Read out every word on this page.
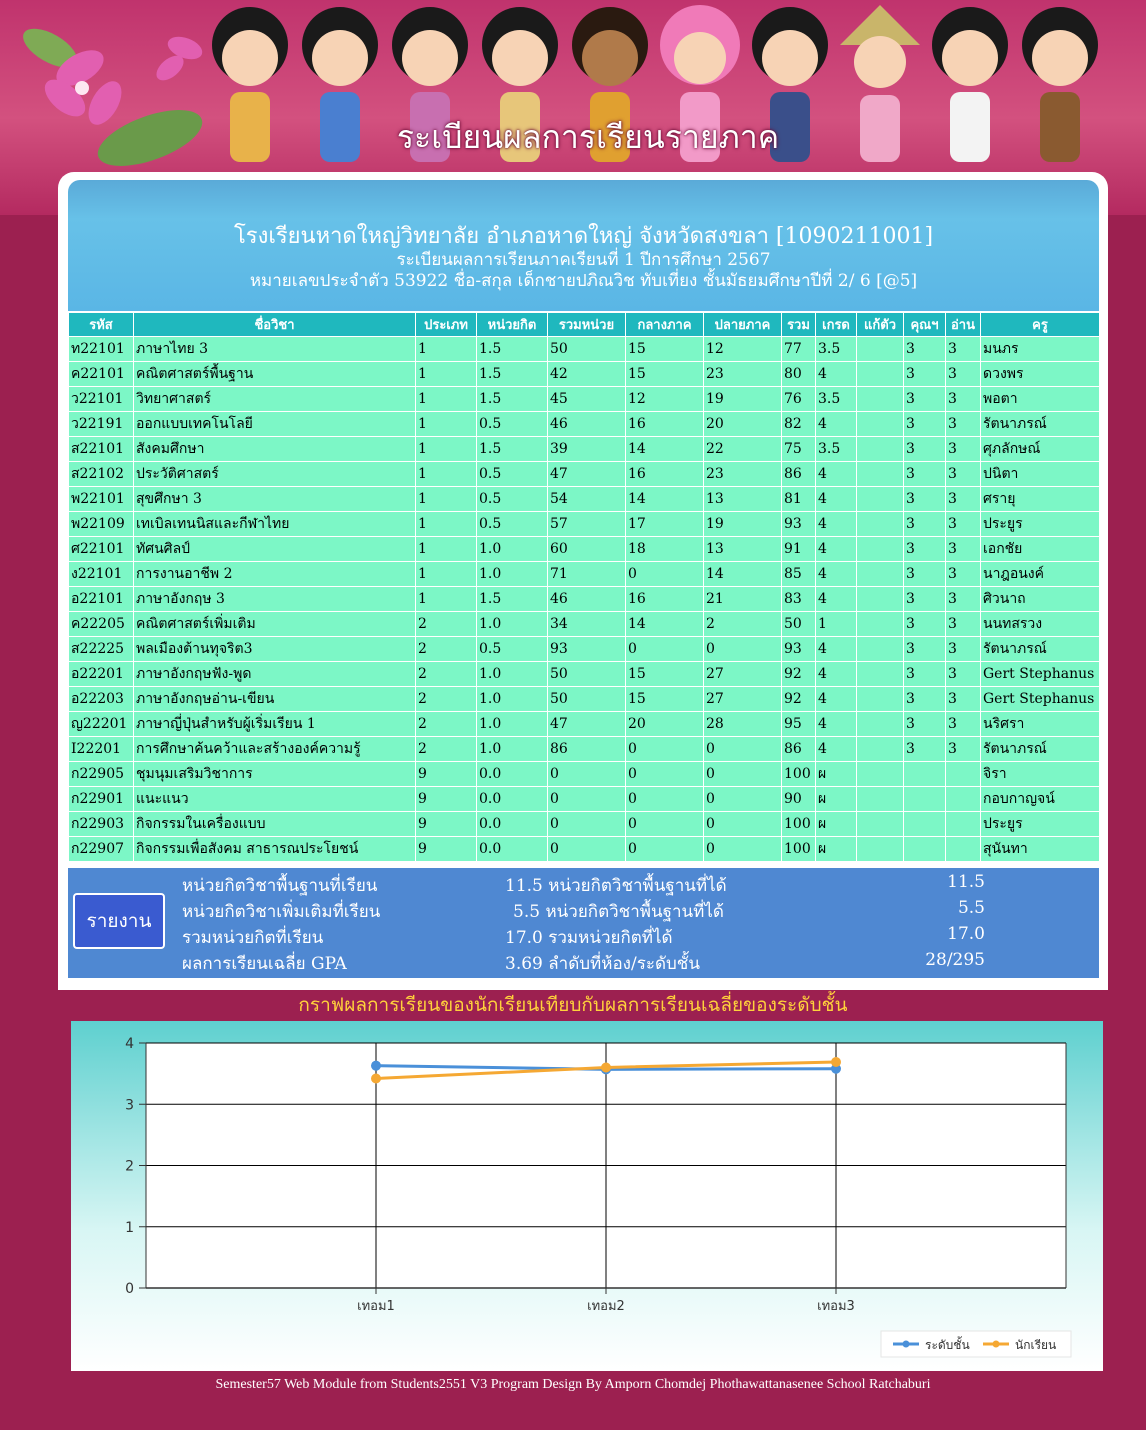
ระเบียนผลการเรียนรายภาค
โรงเรียนหาดใหญ่วิทยาลัย อำเภอหาดใหญ่ จังหวัดสงขลา [1090211001]
ระเบียนผลการเรียนภาคเรียนที่ 1 ปีการศึกษา 2567
หมายเลขประจำตัว 53922 ชื่อ-สกุล เด็กชายปภิณวิช ทับเที่ยง ชั้นมัธยมศึกษาปีที่ 2/ 6 [@5]
รหัส	ชื่อวิชา	ประเภท	หน่วยกิต	รวมหน่วย	กลางภาค	ปลายภาค	รวม	เกรด	แก้ตัว	คุณฯ	อ่าน	ครู
ท22101	ภาษาไทย 3	1	1.5	50	15	12	77	3.5		3	3	มนภร
ค22101	คณิตศาสตร์พื้นฐาน	1	1.5	42	15	23	80	4		3	3	ดวงพร
ว22101	วิทยาศาสตร์	1	1.5	45	12	19	76	3.5		3	3	พอตา
ว22191	ออกแบบเทคโนโลยี	1	0.5	46	16	20	82	4		3	3	รัตนาภรณ์
ส22101	สังคมศึกษา	1	1.5	39	14	22	75	3.5		3	3	ศุภลักษณ์
ส22102	ประวัติศาสตร์	1	0.5	47	16	23	86	4		3	3	ปนิตา
พ22101	สุขศึกษา 3	1	0.5	54	14	13	81	4		3	3	ศรายุ
พ22109	เทเบิลเทนนิสและกีฬาไทย	1	0.5	57	17	19	93	4		3	3	ประยูร
ศ22101	ทัศนศิลป์	1	1.0	60	18	13	91	4		3	3	เอกชัย
ง22101	การงานอาชีพ 2	1	1.0	71	0	14	85	4		3	3	นาฎอนงค์
อ22101	ภาษาอังกฤษ 3	1	1.5	46	16	21	83	4		3	3	ศิวนาถ
ค22205	คณิตศาสตร์เพิ่มเติม	2	1.0	34	14	2	50	1		3	3	นนทสรวง
ส22225	พลเมืองต้านทุจริต3	2	0.5	93	0	0	93	4		3	3	รัตนาภรณ์
อ22201	ภาษาอังกฤษฟัง-พูด	2	1.0	50	15	27	92	4		3	3	Gert Stephanus
อ22203	ภาษาอังกฤษอ่าน-เขียน	2	1.0	50	15	27	92	4		3	3	Gert Stephanus
ญ22201	ภาษาญี่ปุ่นสำหรับผู้เริ่มเรียน 1	2	1.0	47	20	28	95	4		3	3	นริศรา
I22201	การศึกษาค้นคว้าและสร้างองค์ความรู้	2	1.0	86	0	0	86	4		3	3	รัตนาภรณ์
ก22905	ชุมนุมเสริมวิชาการ	9	0.0	0	0	0	100	ผ				จิรา
ก22901	แนะแนว	9	0.0	0	0	0	90	ผ				กอบกาญจน์
ก22903	กิจกรรมในเครื่องแบบ	9	0.0	0	0	0	100	ผ				ประยูร
ก22907	กิจกรรมเพื่อสังคม สาธารณประโยชน์	9	0.0	0	0	0	100	ผ				สุนันทา
รายงาน
หน่วยกิตวิชาพื้นฐานที่เรียน	11.5 หน่วยกิตวิชาพื้นฐานที่ได้	11.5
หน่วยกิตวิชาเพิ่มเติมที่เรียน	5.5 หน่วยกิตวิชาพื้นฐานที่ได้	5.5
รวมหน่วยกิตที่เรียน	17.0 รวมหน่วยกิตที่ได้	17.0
ผลการเรียนเฉลี่ย GPA	3.69 ลำดับที่ห้อง/ระดับชั้น	28/295
กราฟผลการเรียนของนักเรียนเทียบกับผลการเรียนเฉลี่ยของระดับชั้น
0
1
2
3
4
เทอม1	เทอม2	เทอม3
ระดับชั้น	นักเรียน
Semester57 Web Module from Students2551 V3 Program Design By Amporn Chomdej Phothawattanasenee School Ratchaburi
